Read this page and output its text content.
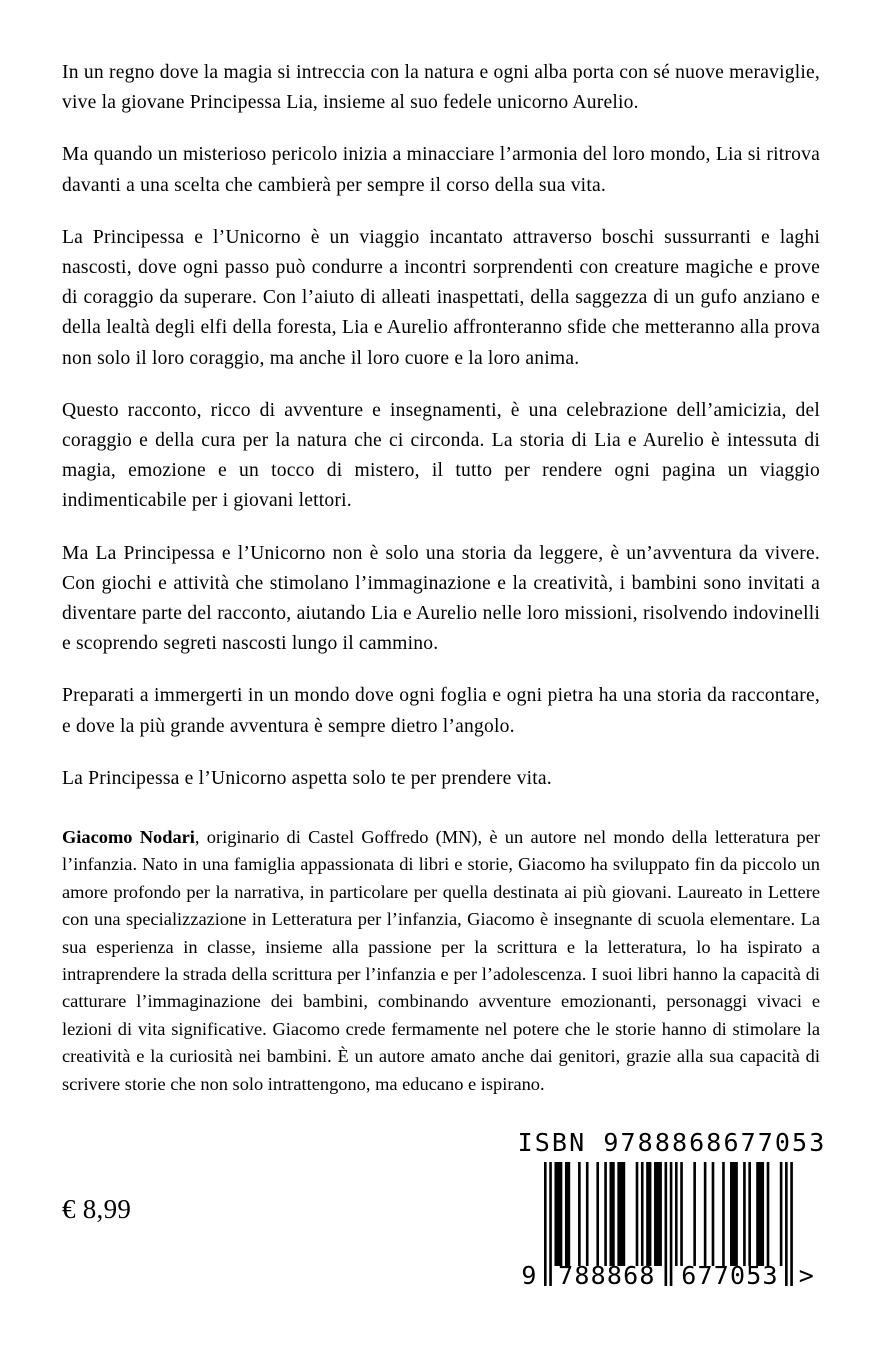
In un regno dove la magia si intreccia con la natura e ogni alba porta con sé nuove meraviglie, vive la giovane Principessa Lia, insieme al suo fedele unicorno Aurelio.

Ma quando un misterioso pericolo inizia a minacciare l’armonia del loro mondo, Lia si ritrova davanti a una scelta che cambierà per sempre il corso della sua vita.

La Principessa e l’Unicorno è un viaggio incantato attraverso boschi sussurranti e laghi nascosti, dove ogni passo può condurre a incontri sorprendenti con creature magiche e prove di coraggio da superare. Con l’aiuto di alleati inaspettati, della saggezza di un gufo anziano e della lealtà degli elfi della foresta, Lia e Aurelio affronteranno sfide che metteranno alla prova non solo il loro coraggio, ma anche il loro cuore e la loro anima.

Questo racconto, ricco di avventure e insegnamenti, è una celebrazione dell’amicizia, del coraggio e della cura per la natura che ci circonda. La storia di Lia e Aurelio è intessuta di magia, emozione e un tocco di mistero, il tutto per rendere ogni pagina un viaggio indimenticabile per i giovani lettori.

Ma La Principessa e l’Unicorno non è solo una storia da leggere, è un’avventura da vivere. Con giochi e attività che stimolano l’immaginazione e la creatività, i bambini sono invitati a diventare parte del racconto, aiutando Lia e Aurelio nelle loro missioni, risolvendo indovinelli e scoprendo segreti nascosti lungo il cammino.

Preparati a immergerti in un mondo dove ogni foglia e ogni pietra ha una storia da raccontare, e dove la più grande avventura è sempre dietro l’angolo.

La Principessa e l’Unicorno aspetta solo te per prendere vita.

Giacomo Nodari, originario di Castel Goffredo (MN), è un autore nel mondo della letteratura per l’infanzia. Nato in una famiglia appassionata di libri e storie, Giacomo ha sviluppato fin da piccolo un amore profondo per la narrativa, in particolare per quella destinata ai più giovani. Laureato in Lettere con una specializzazione in Letteratura per l’infanzia, Giacomo è insegnante di scuola elementare. La sua esperienza in classe, insieme alla passione per la scrittura e la letteratura, lo ha ispirato a intraprendere la strada della scrittura per l’infanzia e per l’adolescenza. I suoi libri hanno la capacità di catturare l’immaginazione dei bambini, combinando avventure emozionanti, personaggi vivaci e lezioni di vita significative. Giacomo crede fermamente nel potere che le storie hanno di stimolare la creatività e la curiosità nei bambini. È un autore amato anche dai genitori, grazie alla sua capacità di scrivere storie che non solo intrattengono, ma educano e ispirano.

€ 8,99
ISBN 9788868677053
9 788868 677053 >
